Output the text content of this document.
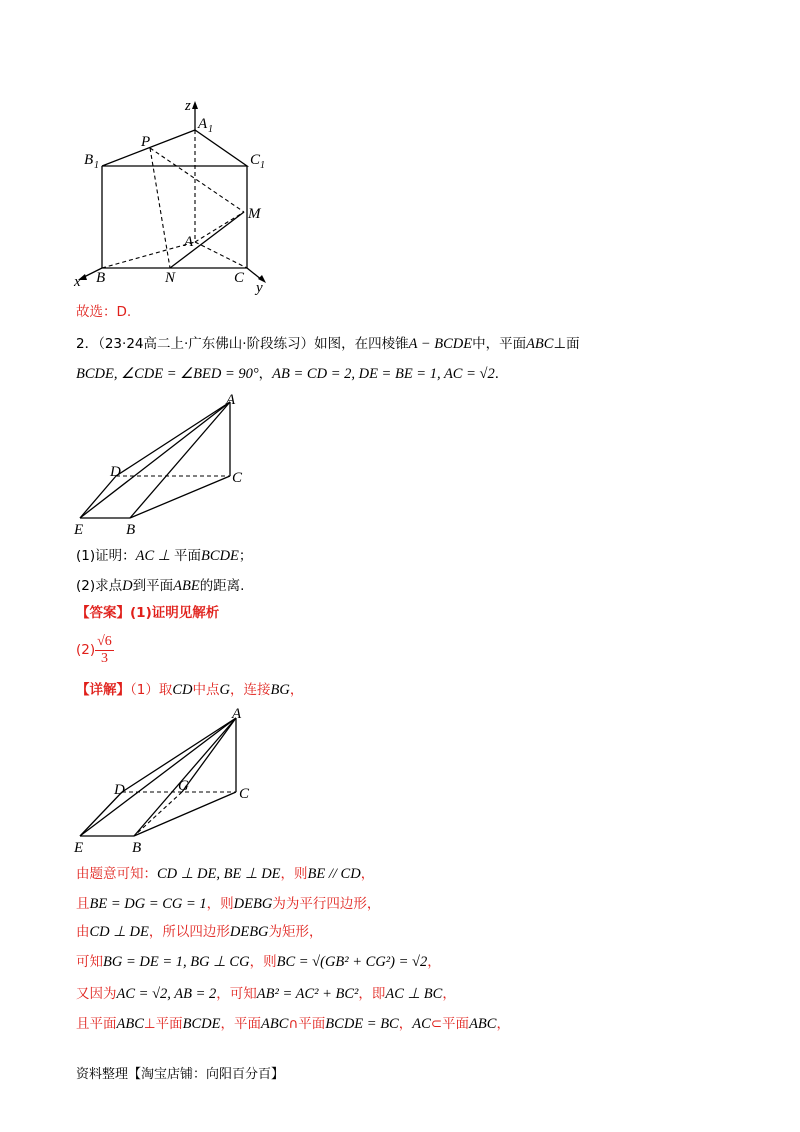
z
A 1
P
B 1	C 1
M
A
x B	N	C
y
故选：D.
2．（23·24高二上·广东佛山·阶段练习）如图，在四棱锥A − BCDE中，平面ABC⊥面
BCDE, ∠CDE = ∠BED = 90°，AB = CD = 2, DE = BE = 1, AC = √2．
A
D	C
E	B
(1)证明：AC ⊥ 平面BCDE；
(2)求点D到平面ABE的距离.
【答案】(1)证明见解析
$(2) \frac{√6}{3}$
【详解】（1）取CD中点G，连接BG，
A
D	G	C
E	B
由题意可知：CD ⊥ DE, BE ⊥ DE，则BE // CD，
且BE = DG = CG = 1，则DEBG为为平行四边形，
由CD ⊥ DE，所以四边形DEBG为矩形，
可知BG = DE = 1, BG ⊥ CG，则BC = √(GB² + CG²) = √2，
又因为AC = √2, AB = 2，可知AB² = AC² + BC²，即AC ⊥ BC，
且平面ABC⊥平面BCDE，平面ABC∩平面BCDE = BC，AC⊂平面ABC，
资料整理【淘宝店铺：向阳百分百】
